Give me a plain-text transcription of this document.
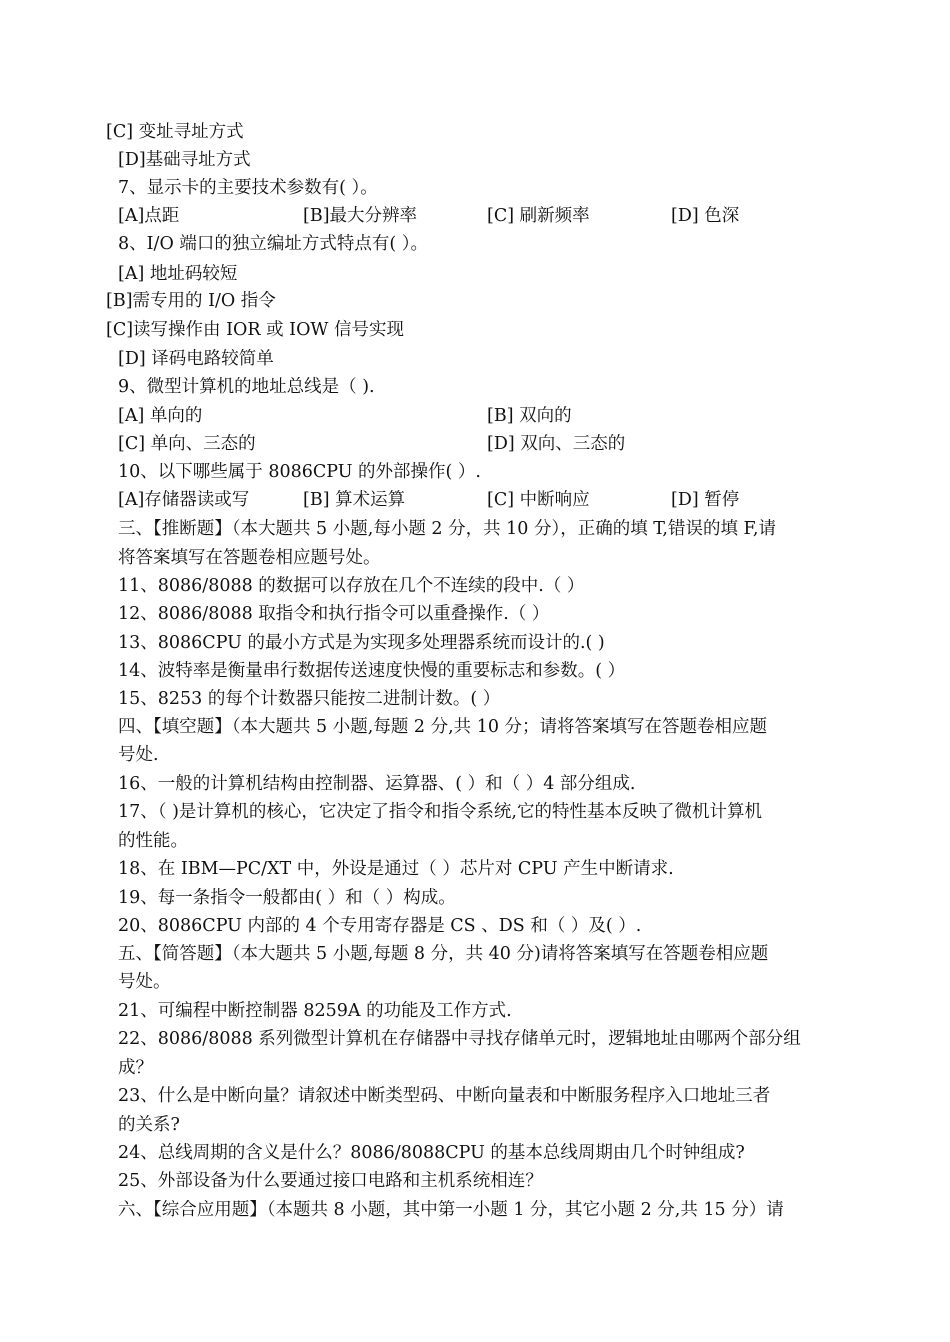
[C] 变址寻址方式
[D]基础寻址方式
7、显示卡的主要技术参数有( ）。
[A]点距	[B]最大分辨率	[C] 刷新频率	[D] 色深
8、I/O 端口的独立编址方式特点有( ）。
[A] 地址码较短
[B]需专用的 I/O 指令
[C]读写操作由 IOR 或 IOW 信号实现
[D] 译码电路较简单
9、微型计算机的地址总线是（ ).
[A] 单向的	[B] 双向的
[C] 单向、三态的	[D] 双向、三态的
10、以下哪些属于 8086CPU 的外部操作( ）.
[A]存储器读或写	[B] 算术运算	[C] 中断响应	[D] 暂停
三、【推断题】（本大题共 5 小题,每小题 2 分，共 10 分），正确的填 T,错误的填 F,请
将答案填写在答题卷相应题号处。
11、8086/8088 的数据可以存放在几个不连续的段中.（ ）
12、8086/8088 取指令和执行指令可以重叠操作.（ ）
13、8086CPU 的最小方式是为实现多处理器系统而设计的.( )
14、波特率是衡量串行数据传送速度快慢的重要标志和参数。( ）
15、8253 的每个计数器只能按二进制计数。( ）
四、【填空题】（本大题共 5 小题,每题 2 分,共 10 分；请将答案填写在答题卷相应题
号处.
16、一般的计算机结构由控制器、运算器、( ）和（ ）4 部分组成.
17、（ )是计算机的核心，它决定了指令和指令系统,它的特性基本反映了微机计算机
的性能。
18、在 IBM—PC/XT 中，外设是通过（ ）芯片对 CPU 产生中断请求.
19、每一条指令一般都由( ）和（ ）构成。
20、8086CPU 内部的 4 个专用寄存器是 CS 、DS 和（ ）及( ）.
五、【简答题】（本大题共 5 小题,每题 8 分，共 40 分)请将答案填写在答题卷相应题
号处。
21、可编程中断控制器 8259A 的功能及工作方式.
22、8086/8088 系列微型计算机在存储器中寻找存储单元时，逻辑地址由哪两个部分组
成？
23、什么是中断向量？请叙述中断类型码、中断向量表和中断服务程序入口地址三者
的关系?
24、总线周期的含义是什么？8086/8088CPU 的基本总线周期由几个时钟组成?
25、外部设备为什么要通过接口电路和主机系统相连？
六、【综合应用题】（本题共 8 小题，其中第一小题 1 分，其它小题 2 分,共 15 分）请
